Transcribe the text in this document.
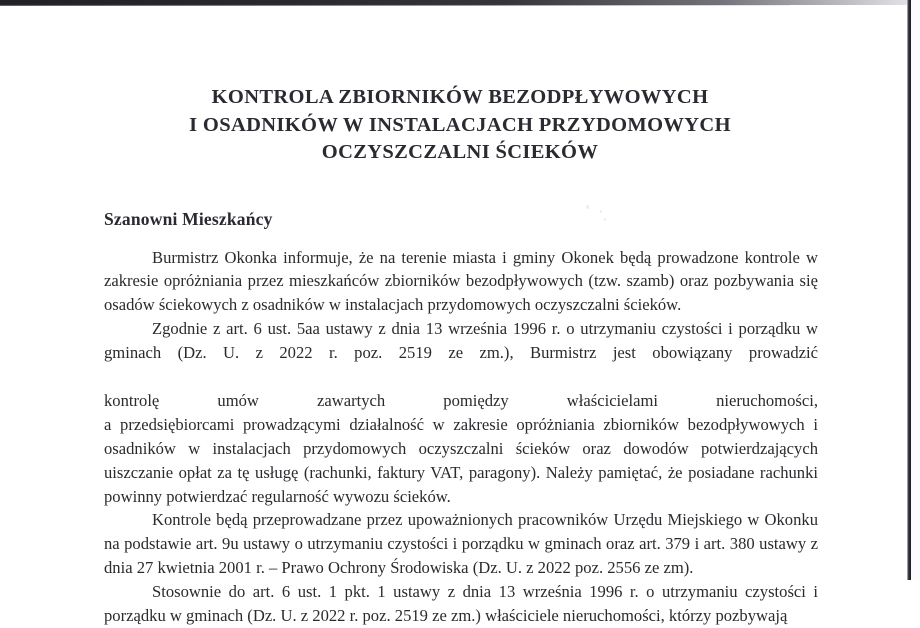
KONTROLA ZBIORNIKÓW BEZODPŁYWOWYCH
I OSADNIKÓW W INSTALACJACH PRZYDOMOWYCH
OCZYSZCZALNI ŚCIEKÓW
Szanowni Mieszkańcy

Burmistrz Okonka informuje, że na terenie miasta i gminy Okonek będą prowadzone kontrole w zakresie opróżniania przez mieszkańców zbiorników bezodpływowych (tzw. szamb) oraz pozbywania się osadów ściekowych z osadników w instalacjach przydomowych oczyszczalni ścieków.

Zgodnie z art. 6 ust. 5aa ustawy z dnia 13 września 1996 r. o utrzymaniu czystości i porządku w gminach (Dz. U. z 2022 r. poz. 2519 ze zm.), Burmistrz jest obowiązany prowadzić

kontrolę	umów	zawartych	pomiędzy	właścicielami	nieruchomości,

a przedsiębiorcami prowadzącymi działalność w zakresie opróżniania zbiorników bezodpływowych i osadników w instalacjach przydomowych oczyszczalni ścieków oraz dowodów potwierdzających uiszczanie opłat za tę usługę (rachunki, faktury VAT, paragony). Należy pamiętać, że posiadane rachunki powinny potwierdzać regularność wywozu ścieków.

Kontrole będą przeprowadzane przez upoważnionych pracowników Urzędu Miejskiego w Okonku na podstawie art. 9u ustawy o utrzymaniu czystości i porządku w gminach oraz art. 379 i art. 380 ustawy z dnia 27 kwietnia 2001 r. – Prawo Ochrony Środowiska (Dz. U. z 2022 poz. 2556 ze zm).

Stosownie do art. 6 ust. 1 pkt. 1 ustawy z dnia 13 września 1996 r. o utrzymaniu czystości i porządku w gminach (Dz. U. z 2022 r. poz. 2519 ze zm.) właściciele nieruchomości, którzy pozbywają
